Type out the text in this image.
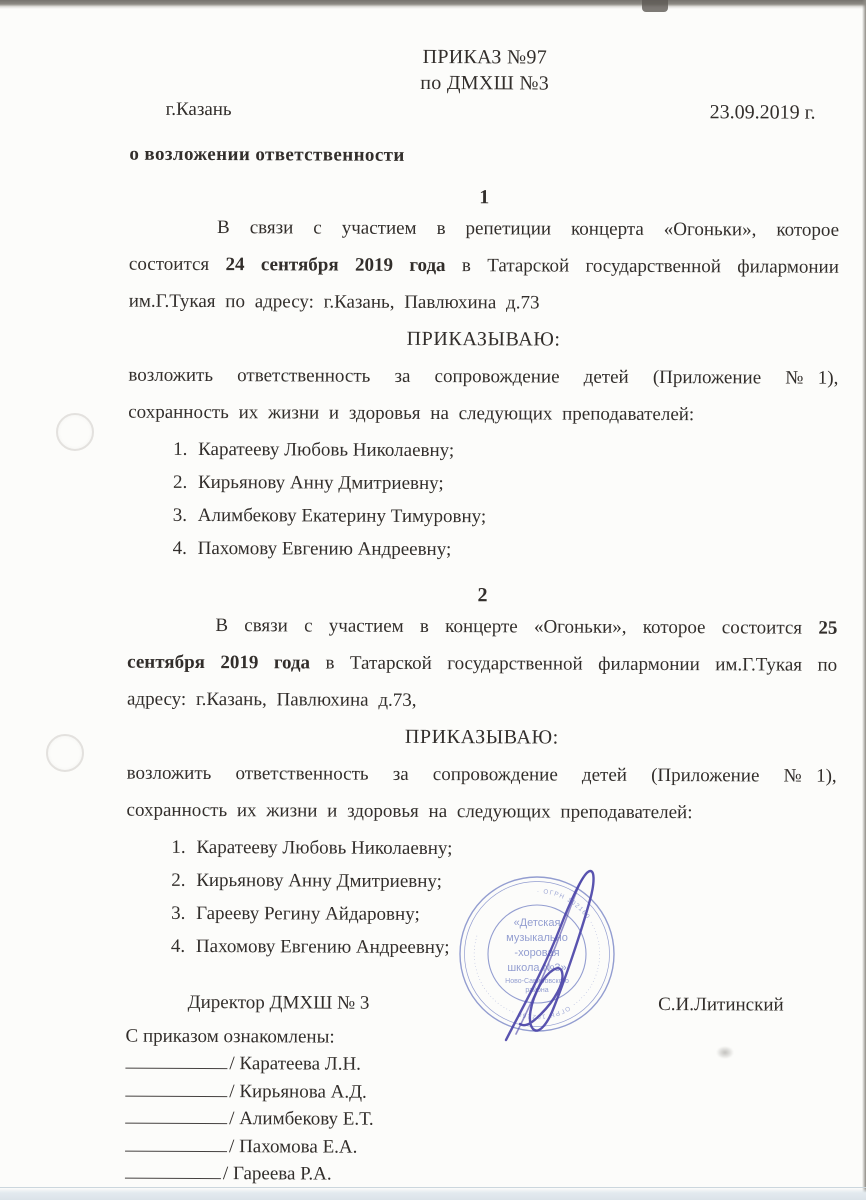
ПРИКАЗ №97
по ДМХШ №3
г.Казань	23.09.2019 г.
о возложении ответственности
1

В связи с участием в репетиции концерта «Огоньки», которое состоится 24 сентября 2019 года в Татарской государственной филармонии им.Г.Тукая по адресу: г.Казань, Павлюхина д.73

ПРИКАЗЫВАЮ:

возложить ответственность за сопровождение детей (Приложение №1), сохранность их жизни и здоровья на следующих преподавателей:

1. Каратееву Любовь Николаевну;
2. Кирьянову Анну Дмитриевну;
3. Алимбекову Екатерину Тимуровну;
4. Пахомову Евгению Андреевну;
2

В связи с участием в концерте «Огоньки», которое состоится 25 сентября 2019 года в Татарской государственной филармонии им.Г.Тукая по адресу: г.Казань, Павлюхина д.73,

ПРИКАЗЫВАЮ:

возложить ответственность за сопровождение детей (Приложение №1), сохранность их жизни и здоровья на следующих преподавателей:

1. Каратееву Любовь Николаевну;
2. Кирьянову Анну Дмитриевну;
3. Гарееву Регину Айдаровну;
4. Пахомову Евгению Андреевну;
Директор ДМХШ № 3	С.И.Литинский
С приказом ознакомлены:
/ Каратеева Л.Н.
/ Кирьянова А.Д.
/ Алимбекову Е.Т.
/ Пахомова Е.А.
/ Гареева Р.А.
· ОГРН 102160 ···························· ОГРН 102160 ····························
«Детская
музыкально
-хоровая
школа №3»
Ново-Савиновского
района
